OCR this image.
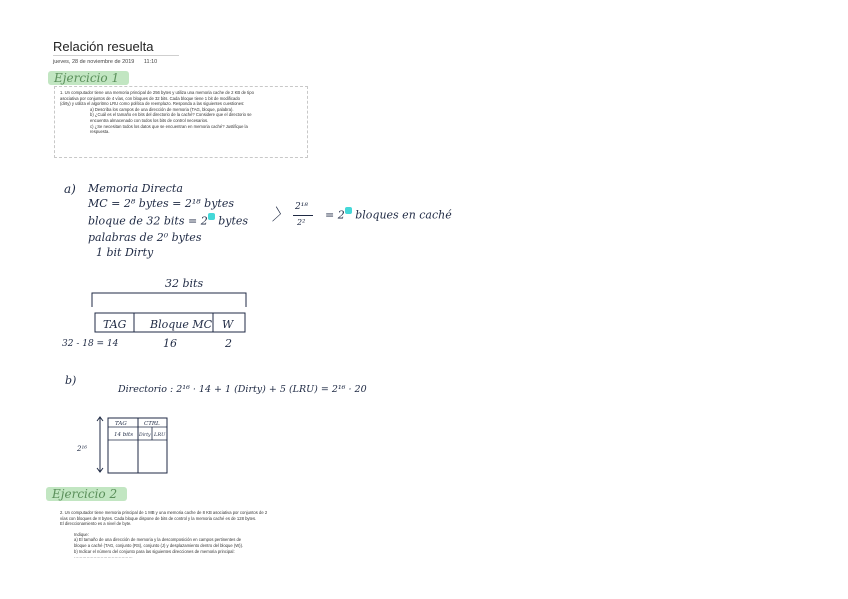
Relación resuelta
jueves, 28 de noviembre de 2019 11:10
Ejercicio 1

1. Un computador tiene una memoria principal de 256 bytes y utiliza una memoria cache de 2 KB de tipo

asociativa por conjuntos de 4 vías, con bloques de 32 bits. Cada bloque tiene 1 bit de modificado

(dirty) y utiliza el algoritmo LRU como política de reemplazo. Responda a las siguientes cuestiones:

a) Describa los campos de una dirección de memoria (TAG, bloque, palabra).

b) ¿Cuál es el tamaño en bits del directorio de la caché? Considere que el directorio se

encuentra almacenado con todos los bits de control necesarios.

c) ¿Se necesitan todos los datos que se encuentran en memoria caché? Justifique la

respuesta.

a) Memoria Directa
MC = 2⁸ bytes = 2¹⁸ bytes
bloque de 32 bits = 2 bytes
palabras de 2⁰ bytes
1 bit Dirty
〉 2¹⁸
2²
= 2 bloques en caché
32 bits
TAG Bloque MC W
32 - 18 = 14	16	2
b)
Directorio : 2¹⁶ · 14 + 1 (Dirty) + 5 (LRU) = 2¹⁶ · 20
2¹⁶
TAG	CTRL
14 bits Dirty LRU
Ejercicio 2

2. Un computador tiene memoria principal de 1 MB y una memoria cache de 8 KB asociativa por conjuntos de 2

vías con bloques de 8 bytes. Cada bloque dispone de bits de control y la memoria caché es de 128 bytes.

El direccionamiento es a nivel de byte.

Indique:

a) El tamaño de una dirección de memoria y la descomposición en campos pertinentes de

bloque a caché (TAG, conjunto (RS), conjunto (J) y desplazamiento dentro del bloque (W)).

b) Indicar el número del conjunto para las siguientes direcciones de memoria principal:

……………………………………
